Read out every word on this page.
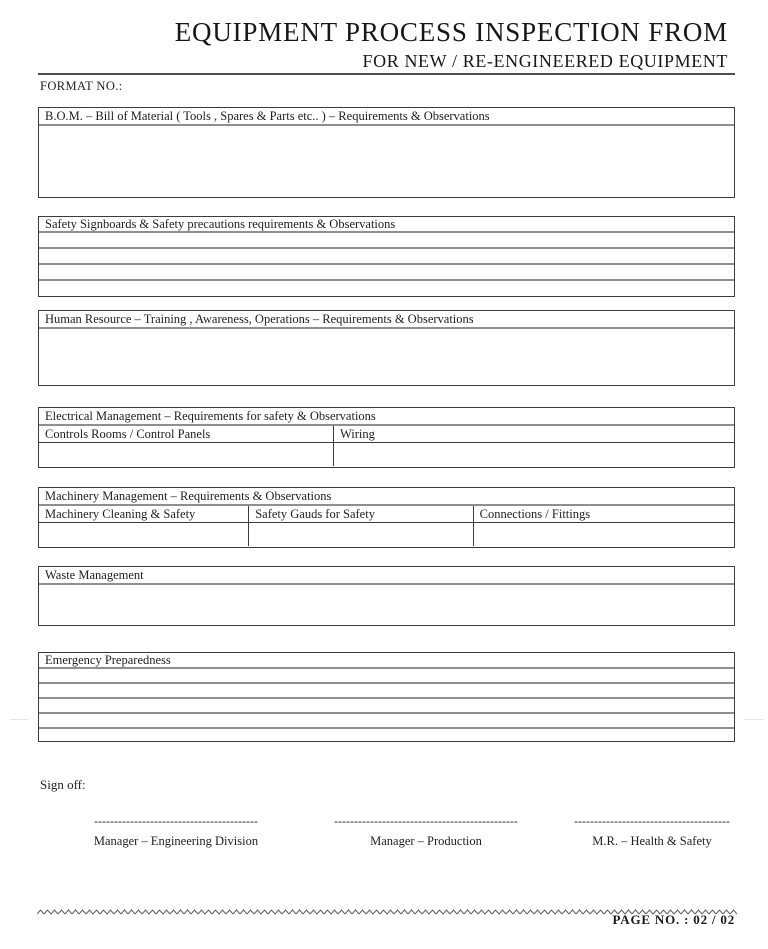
EQUIPMENT PROCESS INSPECTION FROM
FOR NEW / RE-ENGINEERED EQUIPMENT
FORMAT NO.:
B.O.M. – Bill of Material ( Tools , Spares & Parts etc.. ) – Requirements & Observations
Safety Signboards & Safety precautions requirements & Observations
Human Resource – Training , Awareness, Operations – Requirements & Observations
Electrical Management – Requirements for safety & Observations
Controls Rooms / Control Panels	Wiring
Machinery Management – Requirements & Observations
Machinery Cleaning & Safety	Safety Gauds for Safety	Connections / Fittings
Waste Management
Emergency Preparedness
Sign off:
-----------------------------------------
Manager – Engineering Division
----------------------------------------------
Manager – Production
---------------------------------------
M.R. – Health & Safety
PAGE NO. : 02 / 02
